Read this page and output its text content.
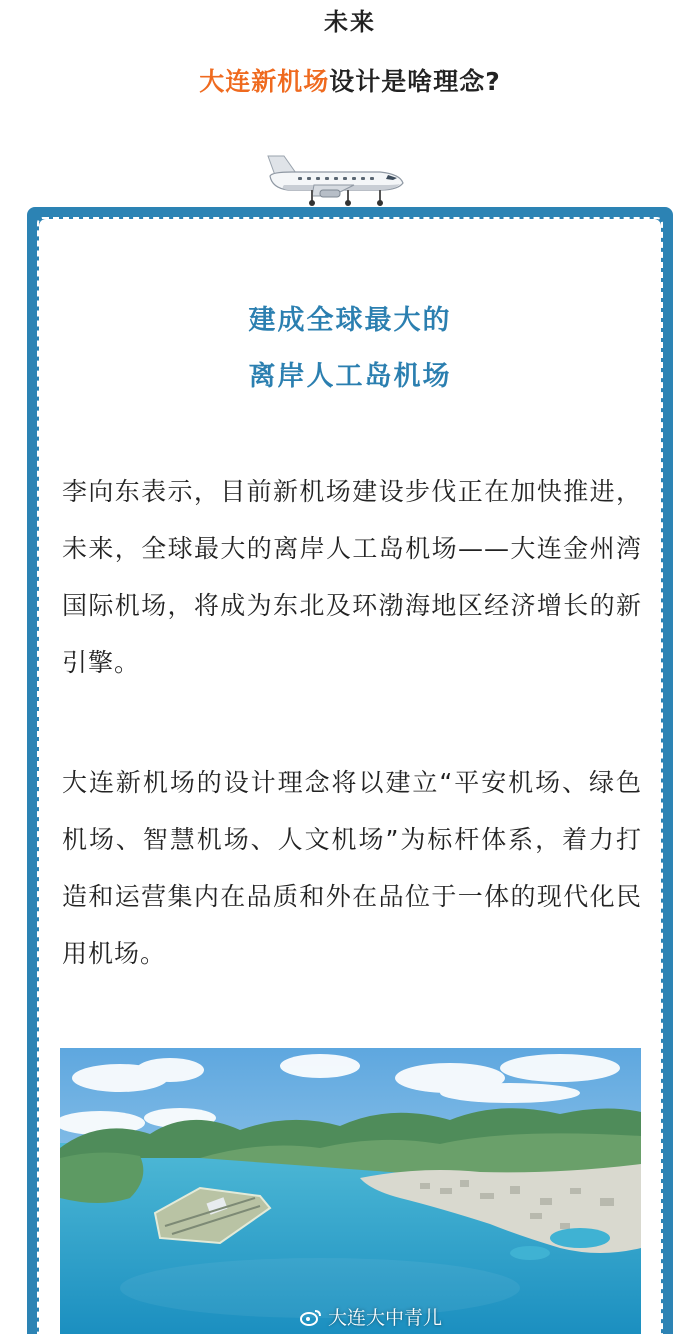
未来
大连新机场设计是啥理念?
建成全球最大的
离岸人工岛机场

李向东表示，目前新机场建设步伐正在加快推进，未来，全球最大的离岸人工岛机场——大连金州湾国际机场，将成为东北及环渤海地区经济增长的新引擎。

大连新机场的设计理念将以建立“平安机场、绿色机场、智慧机场、人文机场”为标杆体系，着力打造和运营集内在品质和外在品位于一体的现代化民用机场。

大连大中青儿
